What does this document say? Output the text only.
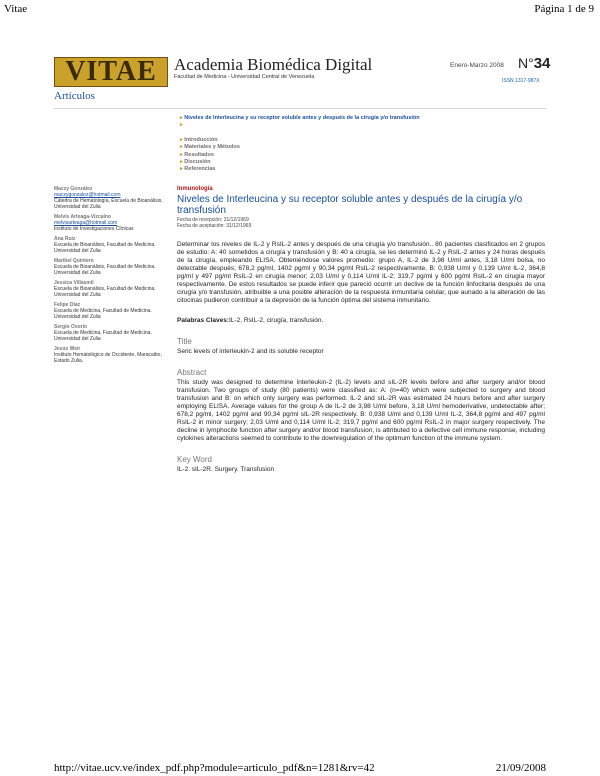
Vitae	Página 1 de 9
VITAE	Academia Biomédica Digital
Facultad de Medicina - Universidad Central de Venezuela
Enero-Marzo 2008 N°34
ISSN 1317-987X
Artículos
▸ Niveles de Interleucina y su receptor soluble antes y después de la cirugía y/o transfusión
▸
▸ Introducción
▸ Materiales y Métodos
▸ Resultados
▸ Discusión
▸ Referencias
Maczy González
maczygonzalez@hotmail.com
Cátedra de Hematología, Escuela de Bioanálisis, Universidad del Zulia
Melvis Arteaga-Vizcaíno
melvisarteaga@hotmail.com
Instituto de Investigaciones Clínicas
Ana Ruiz
Escuela de Bioanálisis, Facultad de Medicina. Universidad del Zulia
Maribel Quintero
Escuela de Bioanálisis, Facultad de Medicina. Universidad del Zulia
Jessica Villasmil
Escuela de Bioanálisis, Facultad de Medicina. Universidad del Zulia
Felipe Díaz
Escuela de Medicina, Facultad de Medicina. Universidad del Zulia
Sergio Osorio
Escuela de Medicina, Facultad de Medicina. Universidad del Zulia
Jesús Weir
Instituto Hematológico de Occidente, Maracaibo, Estado Zulia.
Inmunología
Niveles de Interleucina y su receptor soluble antes y después de la cirugía y/o transfusión
Fecha de recepción: 31/12/1969
Fecha de aceptación: 31/12/1969
Determinar los niveles de IL-2 y RsIL-2 antes y después de una cirugía y/o transfusión.. 80 pacientes clasificados en 2 grupos de estudio: A: 40 sometidos a cirugía y transfusión y B: 40 a cirugía, se les determinó IL-2 y RsIL-2 antes y 24 horas después de la cirugía, empleando ELISA. Obteniéndose valores promedio: grupo A, IL-2 de 3,98 U/ml antes, 3,18 U/ml bolsa, no detectable después; 678,2 pg/ml, 1402 pg/ml y 90,34 pg/ml RsIL-2 respectivamente. B: 0,938 U/ml y 0,139 U/ml IL-2, 364,8 pg/ml y 497 pg/ml RsIL-2 en cirugía menor; 2,03 U/ml y 0,114 U/ml IL-2; 319,7 pg/ml y 600 pg/ml RsIL-2 en cirugía mayor respectivamente. De estos resultados se puede inferir que pareció ocurrir un declive de la función linfocitaria después de una cirugía y/o transfusión, atribuible a una posible alteración de la respuesta inmunitaria celular, que aunado a la alteración de las citocinas pudieron contribuir a la depresión de la función óptima del sistema inmunitario.
Palabras Claves:IL-2, RsIL-2, cirugía, transfusión.
Title
Seric levels of interleukin-2 and its soluble receptor
Abstract
This study was designed to determine interleukin-2 (IL-2) levels and sIL-2R levels before and after surgery and/or blood transfusion. Two groups of study (80 patients) were classified as: A: (n=40) which were subjected to surgery and blood transfusion and B: on which only surgery was performed. IL-2 and sIL-2R was estimated 24 hours before and after surgery employing ELISA. Average values for the group A de IL-2 de 3,98 U/ml before, 3,18 U/ml hemoderivative, undetectable after; 678,2 pg/ml, 1402 pg/ml and 90,34 pg/ml sIL-2R respectively. B: 0,938 U/ml and 0,139 U/ml IL-2, 364,8 pg/ml and 497 pg/ml RsIL-2 in minor surgery; 2,03 U/ml and 0,114 U/ml IL-2; 319,7 pg/ml and 600 pg/ml RsIL-2 in major surgery respectively. The decline in lymphocite function after surgery and/or blood transfusion, is attributed to a defective cell immune response, including cytokines alteractions seemed to contribute to the downregulation of the optimum function of the immune system.
Key Word
IL-2. sIL-2R. Surgery. Transfusion
http://vitae.ucv.ve/index_pdf.php?module=articulo_pdf&n=1281&rv=42	21/09/2008
